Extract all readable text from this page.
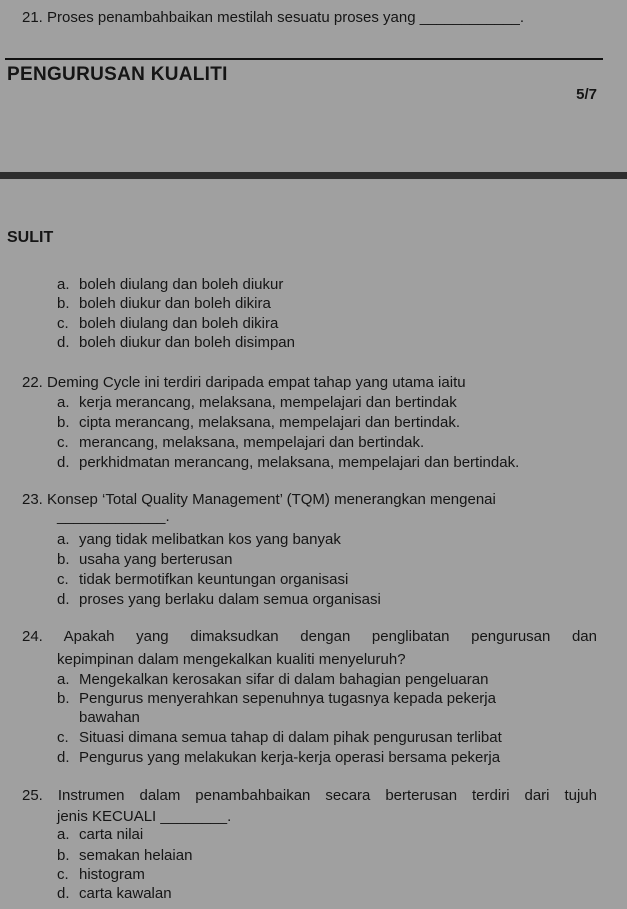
21. Proses penambahbaikan mestilah sesuatu proses yang ____________.
PENGURUSAN KUALITI
5/7
SULIT
a. boleh diulang dan boleh diukur
b. boleh diukur dan boleh dikira
c. boleh diulang dan boleh dikira
d. boleh diukur dan boleh disimpan
22. Deming Cycle ini terdiri daripada empat tahap yang utama iaitu
a. kerja merancang, melaksana, mempelajari dan bertindak
b. cipta merancang, melaksana, mempelajari dan bertindak.
c. merancang, melaksana, mempelajari dan bertindak.
d. perkhidmatan merancang, melaksana, mempelajari dan bertindak.
23. Konsep ‘Total Quality Management’ (TQM) menerangkan mengenai
_____________.
a. yang tidak melibatkan kos yang banyak
b. usaha yang berterusan
c. tidak bermotifkan keuntungan organisasi
d. proses yang berlaku dalam semua organisasi
24. Apakah yang dimaksudkan dengan penglibatan pengurusan dan
kepimpinan dalam mengekalkan kualiti menyeluruh?
a. Mengekalkan kerosakan sifar di dalam bahagian pengeluaran
b. Pengurus menyerahkan sepenuhnya tugasnya kepada pekerja
bawahan
c. Situasi dimana semua tahap di dalam pihak pengurusan terlibat
d. Pengurus yang melakukan kerja-kerja operasi bersama pekerja
25. Instrumen dalam penambahbaikan secara berterusan terdiri dari tujuh
jenis KECUALI ________.
a. carta nilai
b. semakan helaian
c. histogram
d. carta kawalan
